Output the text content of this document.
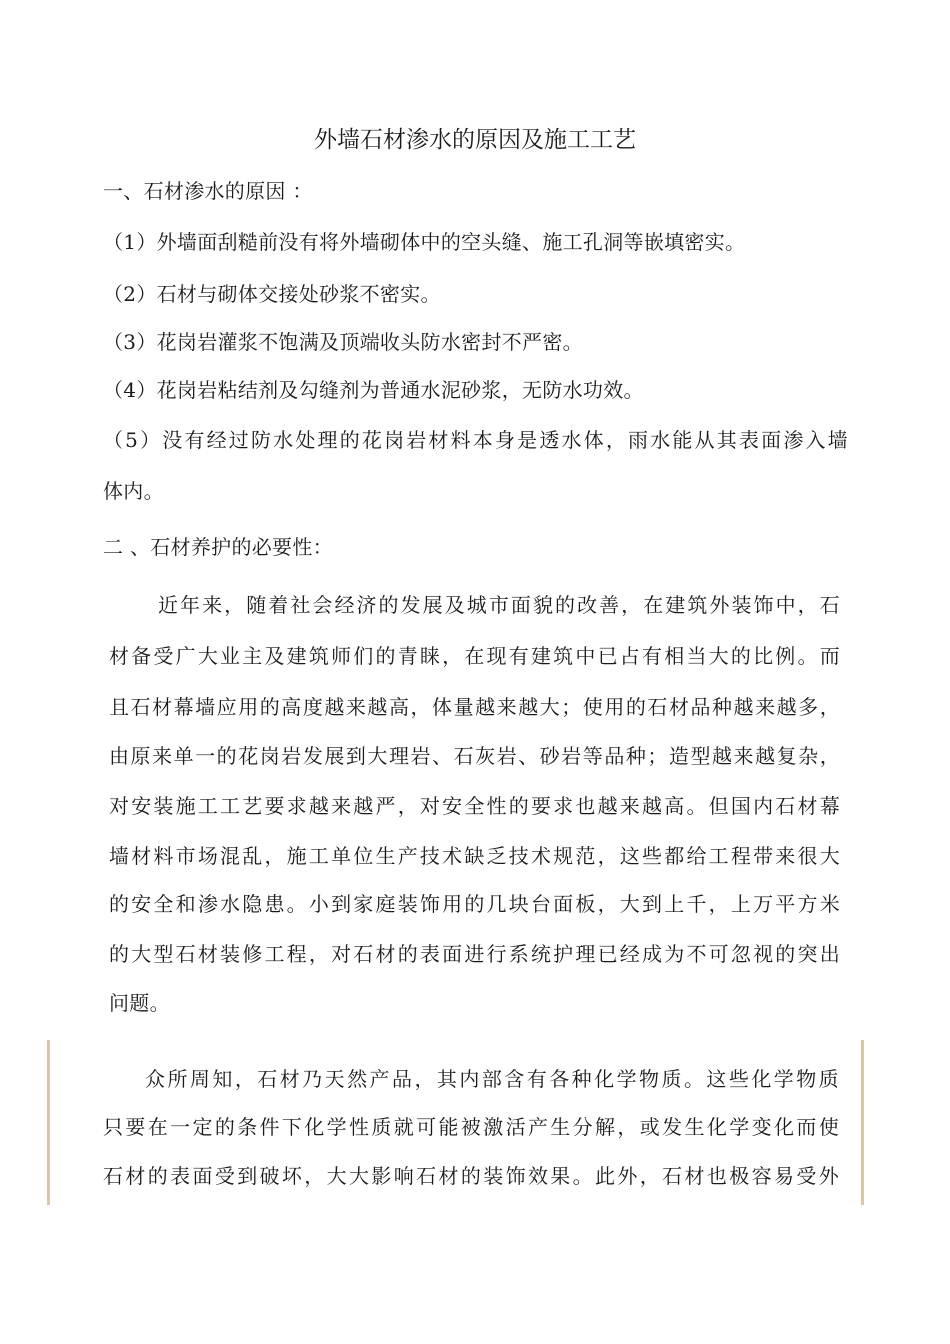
外墙石材渗水的原因及施工工艺
一、石材渗水的原因 ：
（1）外墙面刮糙前没有将外墙砌体中的空头缝、施工孔洞等嵌填密实。
（2）石材与砌体交接处砂浆不密实。
（3）花岗岩灌浆不饱满及顶端收头防水密封不严密。
（4）花岗岩粘结剂及勾缝剂为普通水泥砂浆，无防水功效。
（5）没有经过防水处理的花岗岩材料本身是透水体，雨水能从其表面渗入墙
体内。
二 、石材养护的必要性：
近年来，随着社会经济的发展及城市面貌的改善，在建筑外装饰中，石
材备受广大业主及建筑师们的青睐，在现有建筑中已占有相当大的比例。而
且石材幕墙应用的高度越来越高，体量越来越大；使用的石材品种越来越多，
由原来单一的花岗岩发展到大理岩、石灰岩、砂岩等品种；造型越来越复杂，
对安装施工工艺要求越来越严，对安全性的要求也越来越高。但国内石材幕
墙材料市场混乱，施工单位生产技术缺乏技术规范，这些都给工程带来很大
的安全和渗水隐患。小到家庭装饰用的几块台面板，大到上千，上万平方米
的大型石材装修工程，对石材的表面进行系统护理已经成为不可忽视的突出
问题。
众所周知，石材乃天然产品，其内部含有各种化学物质。这些化学物质
只要在一定的条件下化学性质就可能被激活产生分解，或发生化学变化而使
石材的表面受到破坏，大大影响石材的装饰效果。此外，石材也极容易受外
